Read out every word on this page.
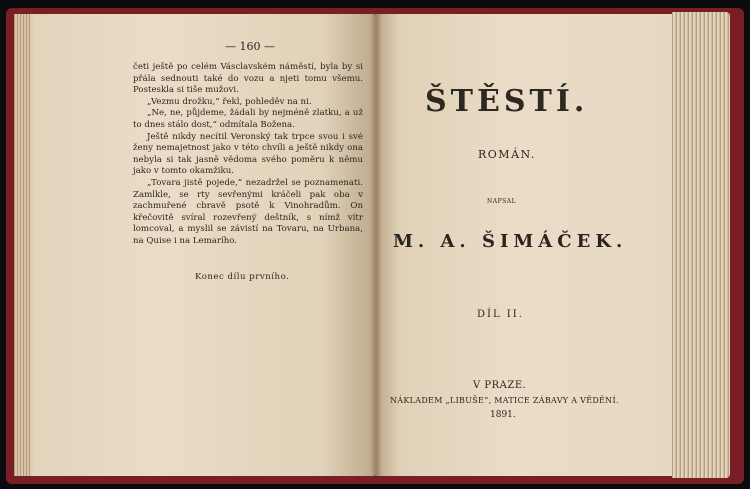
— 160 —

četi ještě po celém Vásclavském náměstí, byla by si přála sednouti také do vozu a njeti tomu všemu. Posteskla si tiše mužovi.

„Vezmu drožku,“ řekl, pohleděv na ni.

„Ne, ne, půjdeme, žádali by nejméně zlatku, a už to dnes stálo dost,“ odmítala Božena.

Ještě nikdy necítil Veronský tak trpce svou i své ženy nemajetnost jako v této chvíli a ještě nikdy ona nebyla si tak jasně vědoma svého poměru k němu jako v tomto okamžiku.

„Tovara jistě pojede,“ nezadržel se poznamenati. Zamlkle, se rty sevřenými kráčeli pak oba v zachmuřené cbravě psotě k Vinohradům. On křečovitě svíral rozevřený deštník, s nímž vítr lomcoval, a myslil se závistí na Tovaru, na Urbana, na Quise i na Lemarího.

Konec dílu prvního.
ŠTĚSTÍ.
ROMÁN.
NAPSAL
M. A. ŠIMÁČEK.
DÍL II.
V PRAZE.
NÁKLADEM „LIBUŠE“, MATICE ZÁBAVY A VĚDĚNÍ.
1891.
